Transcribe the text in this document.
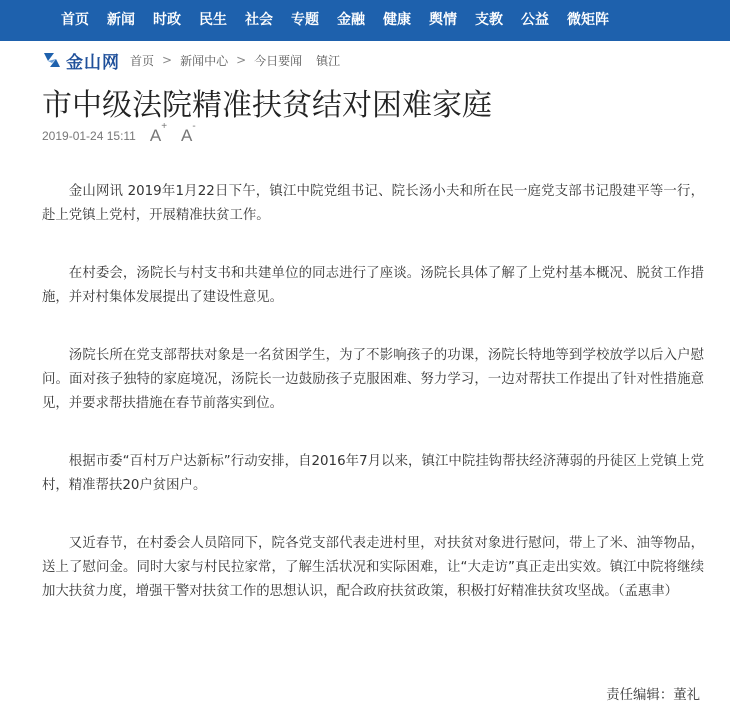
首页	新闻	时政	民生	社会	专题	金融	健康	舆情	支教	公益	微矩阵
金山网 首页 > 新闻中心 > 今日要闻 镇江
市中级法院精准扶贫结对困难家庭
2019-01-24 15:11 A+ A-

金山网讯 2019年1月22日下午，镇江中院党组书记、院长汤小夫和所在民一庭党支部书记殷建平等一行，赴上党镇上党村，开展精准扶贫工作。

在村委会，汤院长与村支书和共建单位的同志进行了座谈。汤院长具体了解了上党村基本概况、脱贫工作措施，并对村集体发展提出了建设性意见。

汤院长所在党支部帮扶对象是一名贫困学生，为了不影响孩子的功课，汤院长特地等到学校放学以后入户慰问。面对孩子独特的家庭境况，汤院长一边鼓励孩子克服困难、努力学习，一边对帮扶工作提出了针对性措施意见，并要求帮扶措施在春节前落实到位。

根据市委“百村万户达新标”行动安排，自2016年7月以来，镇江中院挂钩帮扶经济薄弱的丹徒区上党镇上党村，精准帮扶20户贫困户。

又近春节，在村委会人员陪同下，院各党支部代表走进村里，对扶贫对象进行慰问，带上了米、油等物品，送上了慰问金。同时大家与村民拉家常，了解生活状况和实际困难，让“大走访”真正走出实效。镇江中院将继续加大扶贫力度，增强干警对扶贫工作的思想认识，配合政府扶贫政策，积极打好精准扶贫攻坚战。（孟惠聿）

责任编辑：董礼
